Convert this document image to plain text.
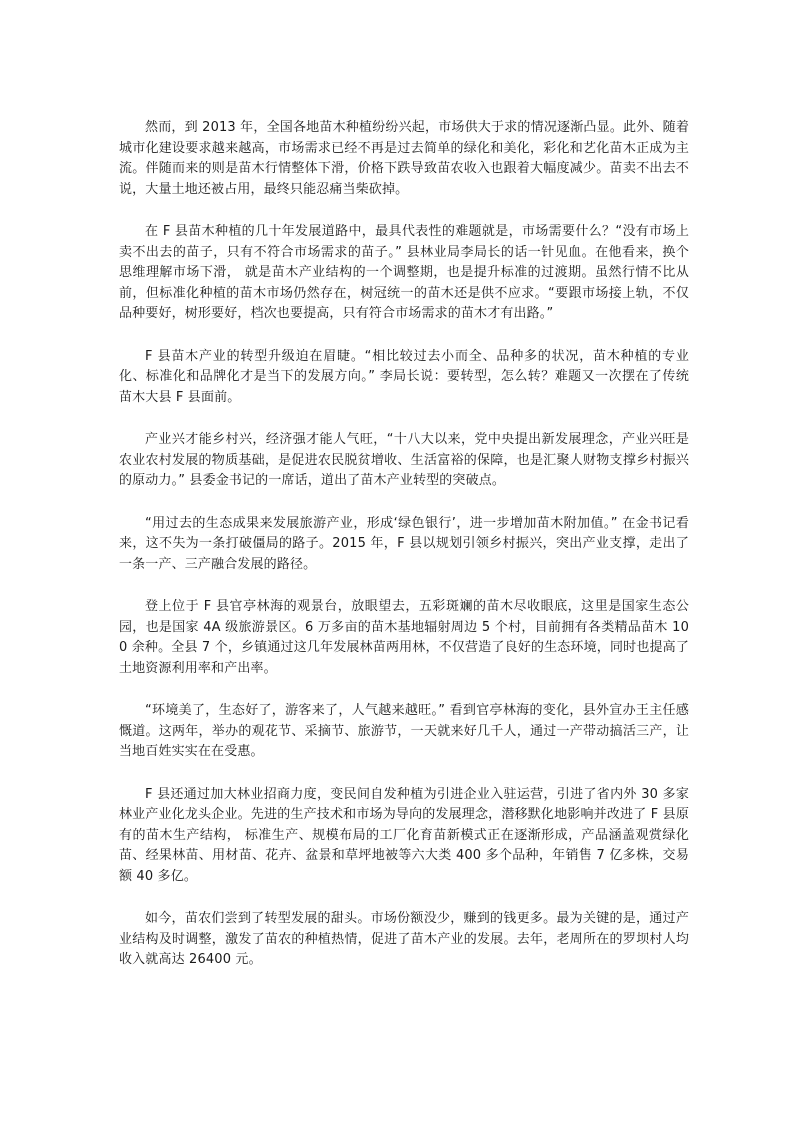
然而，到 2013 年，全国各地苗木种植纷纷兴起，市场供大于求的情况逐渐凸显。此外、随着城市化建设要求越来越高，市场需求已经不再是过去简单的绿化和美化，彩化和艺化苗木正成为主流。伴随而来的则是苗木行情整体下滑，价格下跌导致苗农收入也跟着大幅度减少。苗卖不出去不说，大量土地还被占用，最终只能忍痛当柴砍掉。

在 F 县苗木种植的几十年发展道路中，最具代表性的难题就是，市场需要什么？“没有市场上卖不出去的苗子，只有不符合市场需求的苗子。” 县林业局李局长的话一针见血。在他看来，换个思维理解市场下滑， 就是苗木产业结构的一个调整期，也是提升标准的过渡期。虽然行情不比从前，但标准化种植的苗木市场仍然存在，树冠统一的苗木还是供不应求。“要跟市场接上轨，不仅品种要好，树形要好，档次也要提高，只有符合市场需求的苗木才有出路。”

F 县苗木产业的转型升级迫在眉睫。“相比较过去小而全、品种多的状况，苗木种植的专业化、标准化和品牌化才是当下的发展方向。” 李局长说：要转型，怎么转？难题又一次摆在了传统苗木大县 F 县面前。

产业兴才能乡村兴，经济强才能人气旺，“十八大以来，党中央提出新发展理念，产业兴旺是农业农村发展的物质基础，是促进农民脱贫增收、生活富裕的保障，也是汇聚人财物支撑乡村振兴的原动力。” 县委金书记的一席话，道出了苗木产业转型的突破点。

“用过去的生态成果来发展旅游产业，形成‘绿色银行’，进一步增加苗木附加值。” 在金书记看来，这不失为一条打破僵局的路子。2015 年，F 县以规划引领乡村振兴，突出产业支撑，走出了一条一产、三产融合发展的路径。

登上位于 F 县官亭林海的观景台，放眼望去，五彩斑斓的苗木尽收眼底，这里是国家生态公园，也是国家 4A 级旅游景区。6 万多亩的苗木基地辐射周边 5 个村，目前拥有各类精品苗木 100 余种。全县 7 个，乡镇通过这几年发展林苗两用林，不仅营造了良好的生态环境，同时也提高了土地资源利用率和产出率。

“环境美了，生态好了，游客来了，人气越来越旺。” 看到官亭林海的变化，县外宣办王主任感慨道。这两年，举办的观花节、采摘节、旅游节，一天就来好几千人，通过一产带动搞活三产，让当地百姓实实在在受惠。

F 县还通过加大林业招商力度，变民间自发种植为引进企业入驻运营，引进了省内外 30 多家林业产业化龙头企业。先进的生产技术和市场为导向的发展理念，潜移默化地影响并改进了 F 县原有的苗木生产结构， 标准生产、规模布局的工厂化育苗新模式正在逐渐形成，产品涵盖观赏绿化苗、经果林苗、用材苗、花卉、盆景和草坪地被等六大类 400 多个品种，年销售 7 亿多株，交易额 40 多亿。

如今，苗农们尝到了转型发展的甜头。市场份额没少，赚到的钱更多。最为关键的是，通过产业结构及时调整，激发了苗农的种植热情，促进了苗木产业的发展。去年，老周所在的罗坝村人均收入就高达 26400 元。
